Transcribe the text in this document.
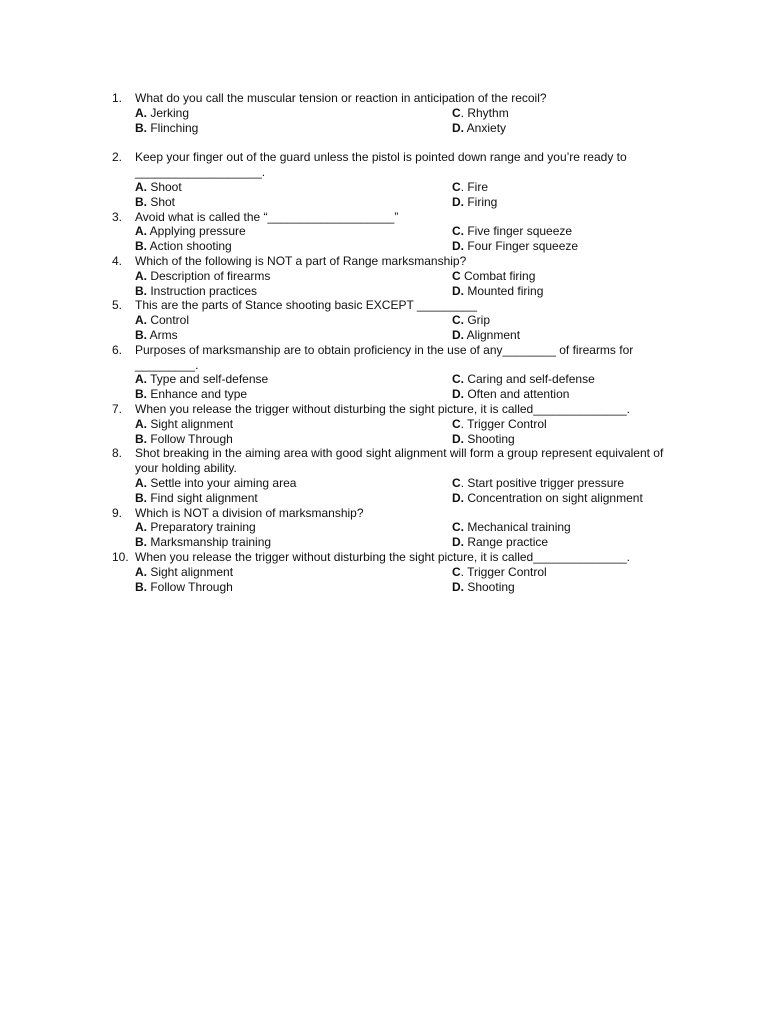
1.	What do you call the muscular tension or reaction in anticipation of the recoil?
A. Jerking	C. Rhythm
B. Flinching	D. Anxiety
2.	Keep your finger out of the guard unless the pistol is pointed down range and you’re ready to ___________________.
A. Shoot	C. Fire
B. Shot	D. Firing
3.	Avoid what is called the “___________________”
A. Applying pressure	C. Five finger squeeze
B. Action shooting	D. Four Finger squeeze
4.	Which of the following is NOT a part of Range marksmanship?
A. Description of firearms	C Combat firing
B. Instruction practices	D. Mounted firing
5.	This are the parts of Stance shooting basic EXCEPT _________
A. Control	C. Grip
B. Arms	D. Alignment
6.	Purposes of marksmanship are to obtain proficiency in the use of any________ of firearms for _________.
A. Type and self-defense	C. Caring and self-defense
B. Enhance and type	D. Often and attention
7.	When you release the trigger without disturbing the sight picture, it is called______________.
A. Sight alignment	C. Trigger Control
B. Follow Through	D. Shooting
8.	Shot breaking in the aiming area with good sight alignment will form a group represent equivalent of your holding ability.
A. Settle into your aiming area	C. Start positive trigger pressure
B. Find sight alignment	D. Concentration on sight alignment
9.	Which is NOT a division of marksmanship?
A. Preparatory training	C. Mechanical training
B. Marksmanship training	D. Range practice
10. When you release the trigger without disturbing the sight picture, it is called______________.
A. Sight alignment	C. Trigger Control
B. Follow Through	D. Shooting
